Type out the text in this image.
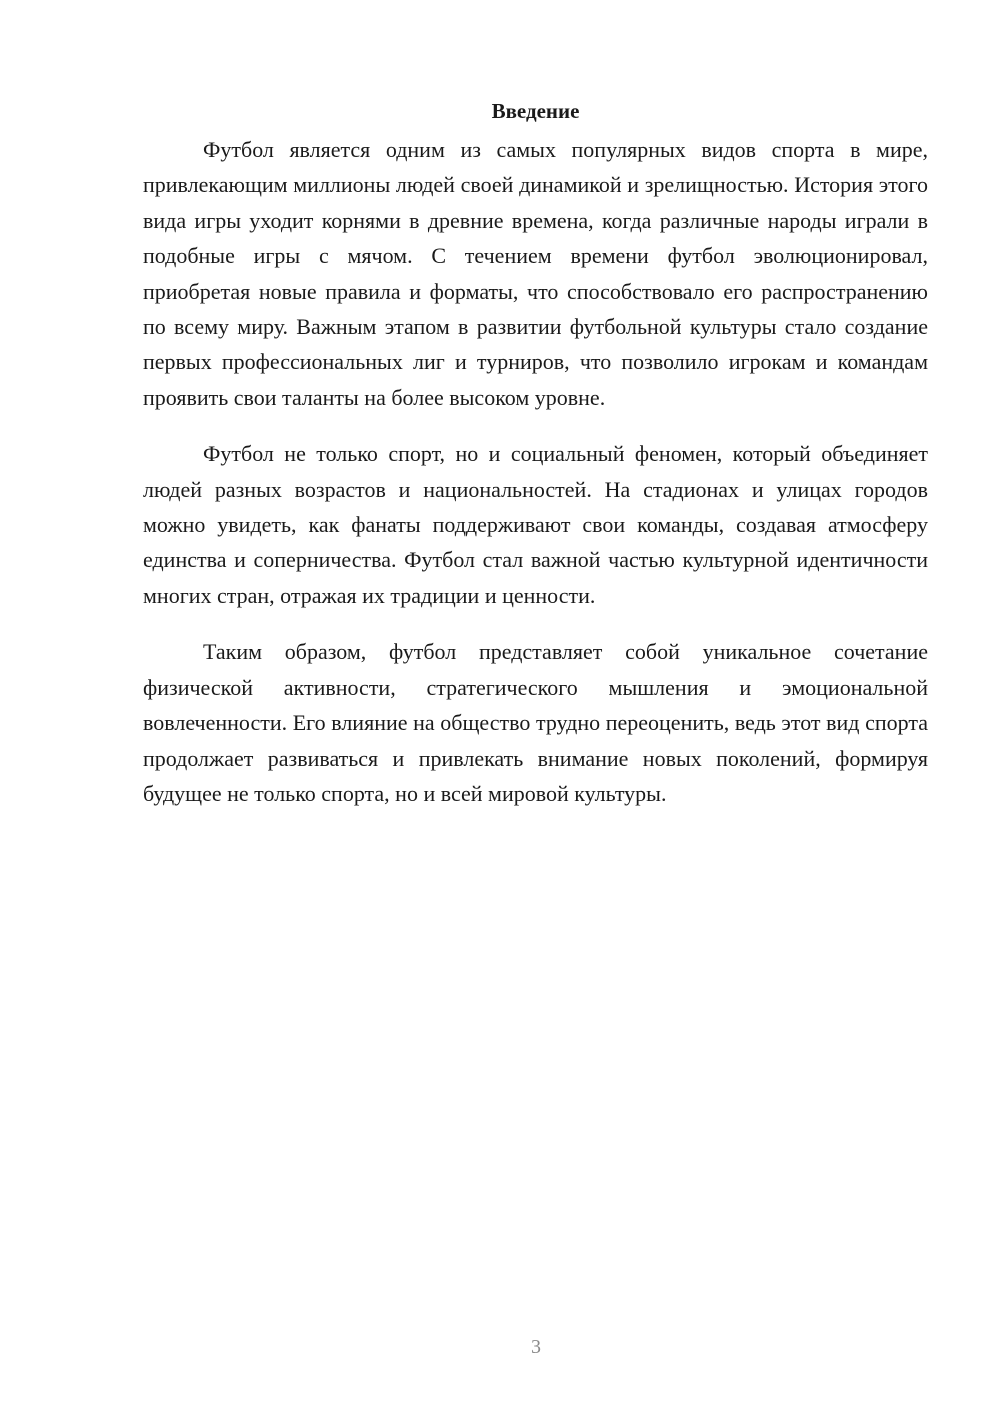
Введение

Футбол является одним из самых популярных видов спорта в мире, привлекающим миллионы людей своей динамикой и зрелищностью. История этого вида игры уходит корнями в древние времена, когда различные народы играли в подобные игры с мячом. С течением времени футбол эволюционировал, приобретая новые правила и форматы, что способствовало его распространению по всему миру. Важным этапом в развитии футбольной культуры стало создание первых профессиональных лиг и турниров, что позволило игрокам и командам проявить свои таланты на более высоком уровне.

Футбол не только спорт, но и социальный феномен, который объединяет людей разных возрастов и национальностей. На стадионах и улицах городов можно увидеть, как фанаты поддерживают свои команды, создавая атмосферу единства и соперничества. Футбол стал важной частью культурной идентичности многих стран, отражая их традиции и ценности.

Таким образом, футбол представляет собой уникальное сочетание физической активности, стратегического мышления и эмоциональной вовлеченности. Его влияние на общество трудно переоценить, ведь этот вид спорта продолжает развиваться и привлекать внимание новых поколений, формируя будущее не только спорта, но и всей мировой культуры.

3
